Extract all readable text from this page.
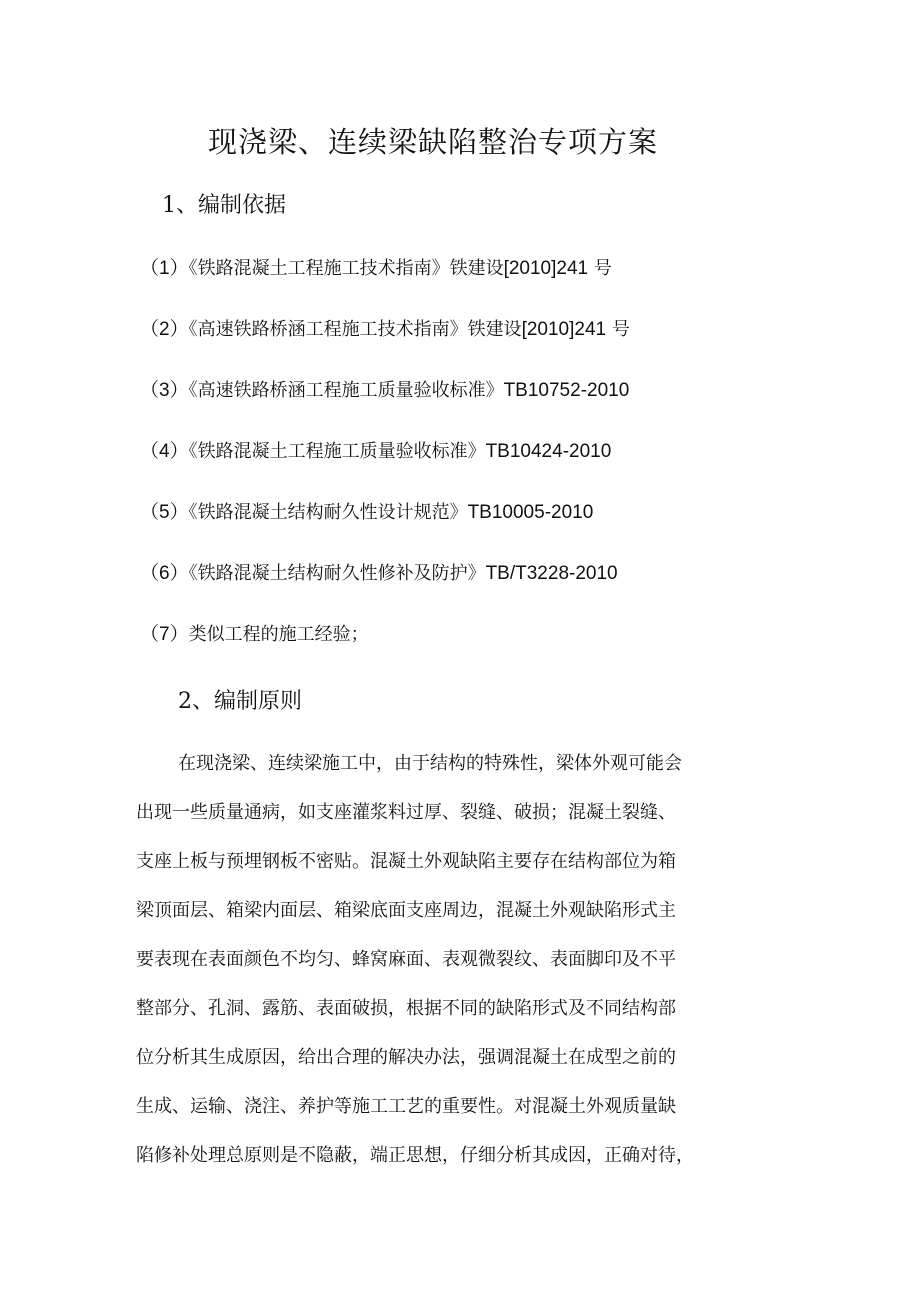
现浇梁、连续梁缺陷整治专项方案
1、编制依据
（1）《铁路混凝土工程施工技术指南》铁建设[2010]241 号
（2）《高速铁路桥涵工程施工技术指南》铁建设[2010]241 号
（3）《高速铁路桥涵工程施工质量验收标准》TB10752-2010
（4）《铁路混凝土工程施工质量验收标准》TB10424-2010
（5）《铁路混凝土结构耐久性设计规范》TB10005-2010
（6）《铁路混凝土结构耐久性修补及防护》TB/T3228-2010
（7）类似工程的施工经验；
2、编制原则
在现浇梁、连续梁施工中，由于结构的特殊性，梁体外观可能会
出现一些质量通病，如支座灌浆料过厚、裂缝、破损；混凝土裂缝、
支座上板与预埋钢板不密贴。混凝土外观缺陷主要存在结构部位为箱
梁顶面层、箱梁内面层、箱梁底面支座周边，混凝土外观缺陷形式主
要表现在表面颜色不均匀、蜂窝麻面、表观微裂纹、表面脚印及不平
整部分、孔洞、露筋、表面破损，根据不同的缺陷形式及不同结构部
位分析其生成原因，给出合理的解决办法，强调混凝土在成型之前的
生成、运输、浇注、养护等施工工艺的重要性。对混凝土外观质量缺
陷修补处理总原则是不隐蔽，端正思想，仔细分析其成因，正确对待，
